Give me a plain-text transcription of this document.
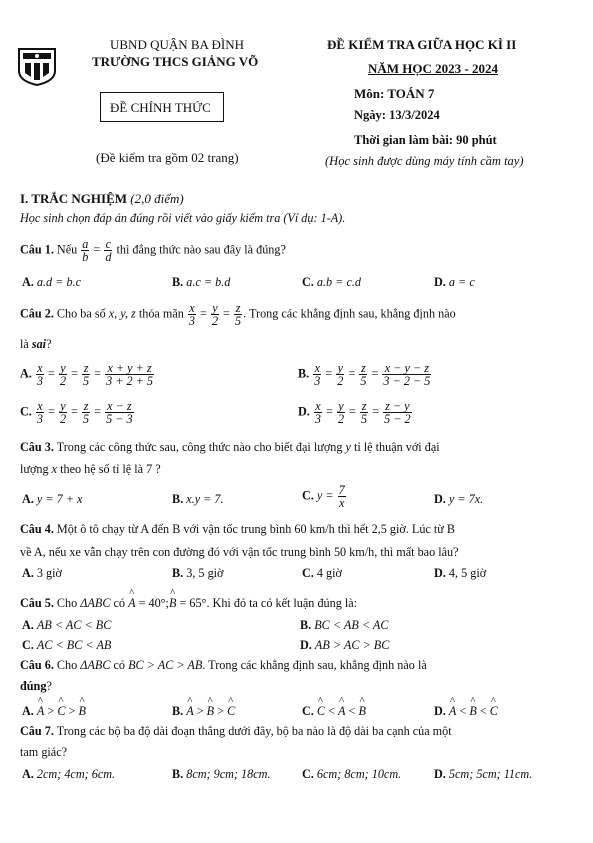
UBND QUẬN BA ĐÌNH
TRƯỜNG THCS GIẢNG VÕ
ĐỀ CHÍNH THỨC
(Đề kiểm tra gồm 02 trang)
ĐỀ KIỂM TRA GIỮA HỌC KÌ II
NĂM HỌC 2023 - 2024
Môn: TOÁN 7
Ngày: 13/3/2024
Thời gian làm bài: 90 phút
(Học sinh được dùng máy tính cầm tay)
I. TRẮC NGHIỆM (2,0 điểm)
Học sinh chọn đáp án đúng rồi viết vào giấy kiểm tra (Ví dụ: 1-A).
Câu 1. Nếu $\frac{a}{b} = \frac{c}{d}$ thì đẳng thức nào sau đây là đúng?
A. a.d = b.c	B. a.c = b.d	C. a.b = c.d	D. a = c
Câu 2. Cho ba số x, y, z thỏa mãn $\frac{x}{3} = \frac{y}{2} = \frac{z}{5}$ . Trong các khẳng định sau, khẳng định nào
là sai?
A. $\frac{x}{3} = \frac{y}{2} = \frac{z}{5} = \frac{x + y + z}{3 + 2 + 5}$	B. $\frac{x}{3} = \frac{y}{2} = \frac{z}{5} = \frac{x - y - z}{3 - 2 - 5}$
C. $\frac{x}{3} = \frac{y}{2} = \frac{z}{5} = \frac{x - z}{5 - 3}$	D. $\frac{x}{3} = \frac{y}{2} = \frac{z}{5} = \frac{z - y}{5 - 2}$
Câu 3. Trong các công thức sau, công thức nào cho biết đại lượng y tỉ lệ thuận với đại
lượng x theo hệ số tỉ lệ là 7 ?
A. y = 7 + x	B. x.y = 7.	C. $y = \frac{7}{x}$	D. y = 7x.
Câu 4. Một ô tô chạy từ A đến B với vận tốc trung bình 60 km/h thì hết 2,5 giờ. Lúc từ B
về A, nếu xe vẫn chạy trên con đường đó với vận tốc trung bình 50 km/h, thì mất bao lâu?
A. 3 giờ	B. 3, 5 giờ	C. 4 giờ	D. 4, 5 giờ
Câu 5. Cho ΔABC có ^ A = 40°;^ B = 65°. Khi đó ta có kết luận đúng là:
A. AB < AC < BC	B. BC < AB < AC
C. AC < BC < AB	D. AB > AC > BC
Câu 6. Cho ΔABC có BC > AC > AB. Trong các khẳng định sau, khẳng định nào là
đúng?
A. ^ A > ^ C > ^ B	B. ^ A > ^ B > ^ C	C. ^ C < ^ A < ^ B	D. ^ A < ^ B < ^ C
Câu 7. Trong các bộ ba độ dài đoạn thẳng dưới đây, bộ ba nào là độ dài ba cạnh của một
tam giác?
A. 2cm; 4cm; 6cm.	B. 8cm; 9cm; 18cm.	C. 6cm; 8cm; 10cm.	D. 5cm; 5cm; 11cm.
